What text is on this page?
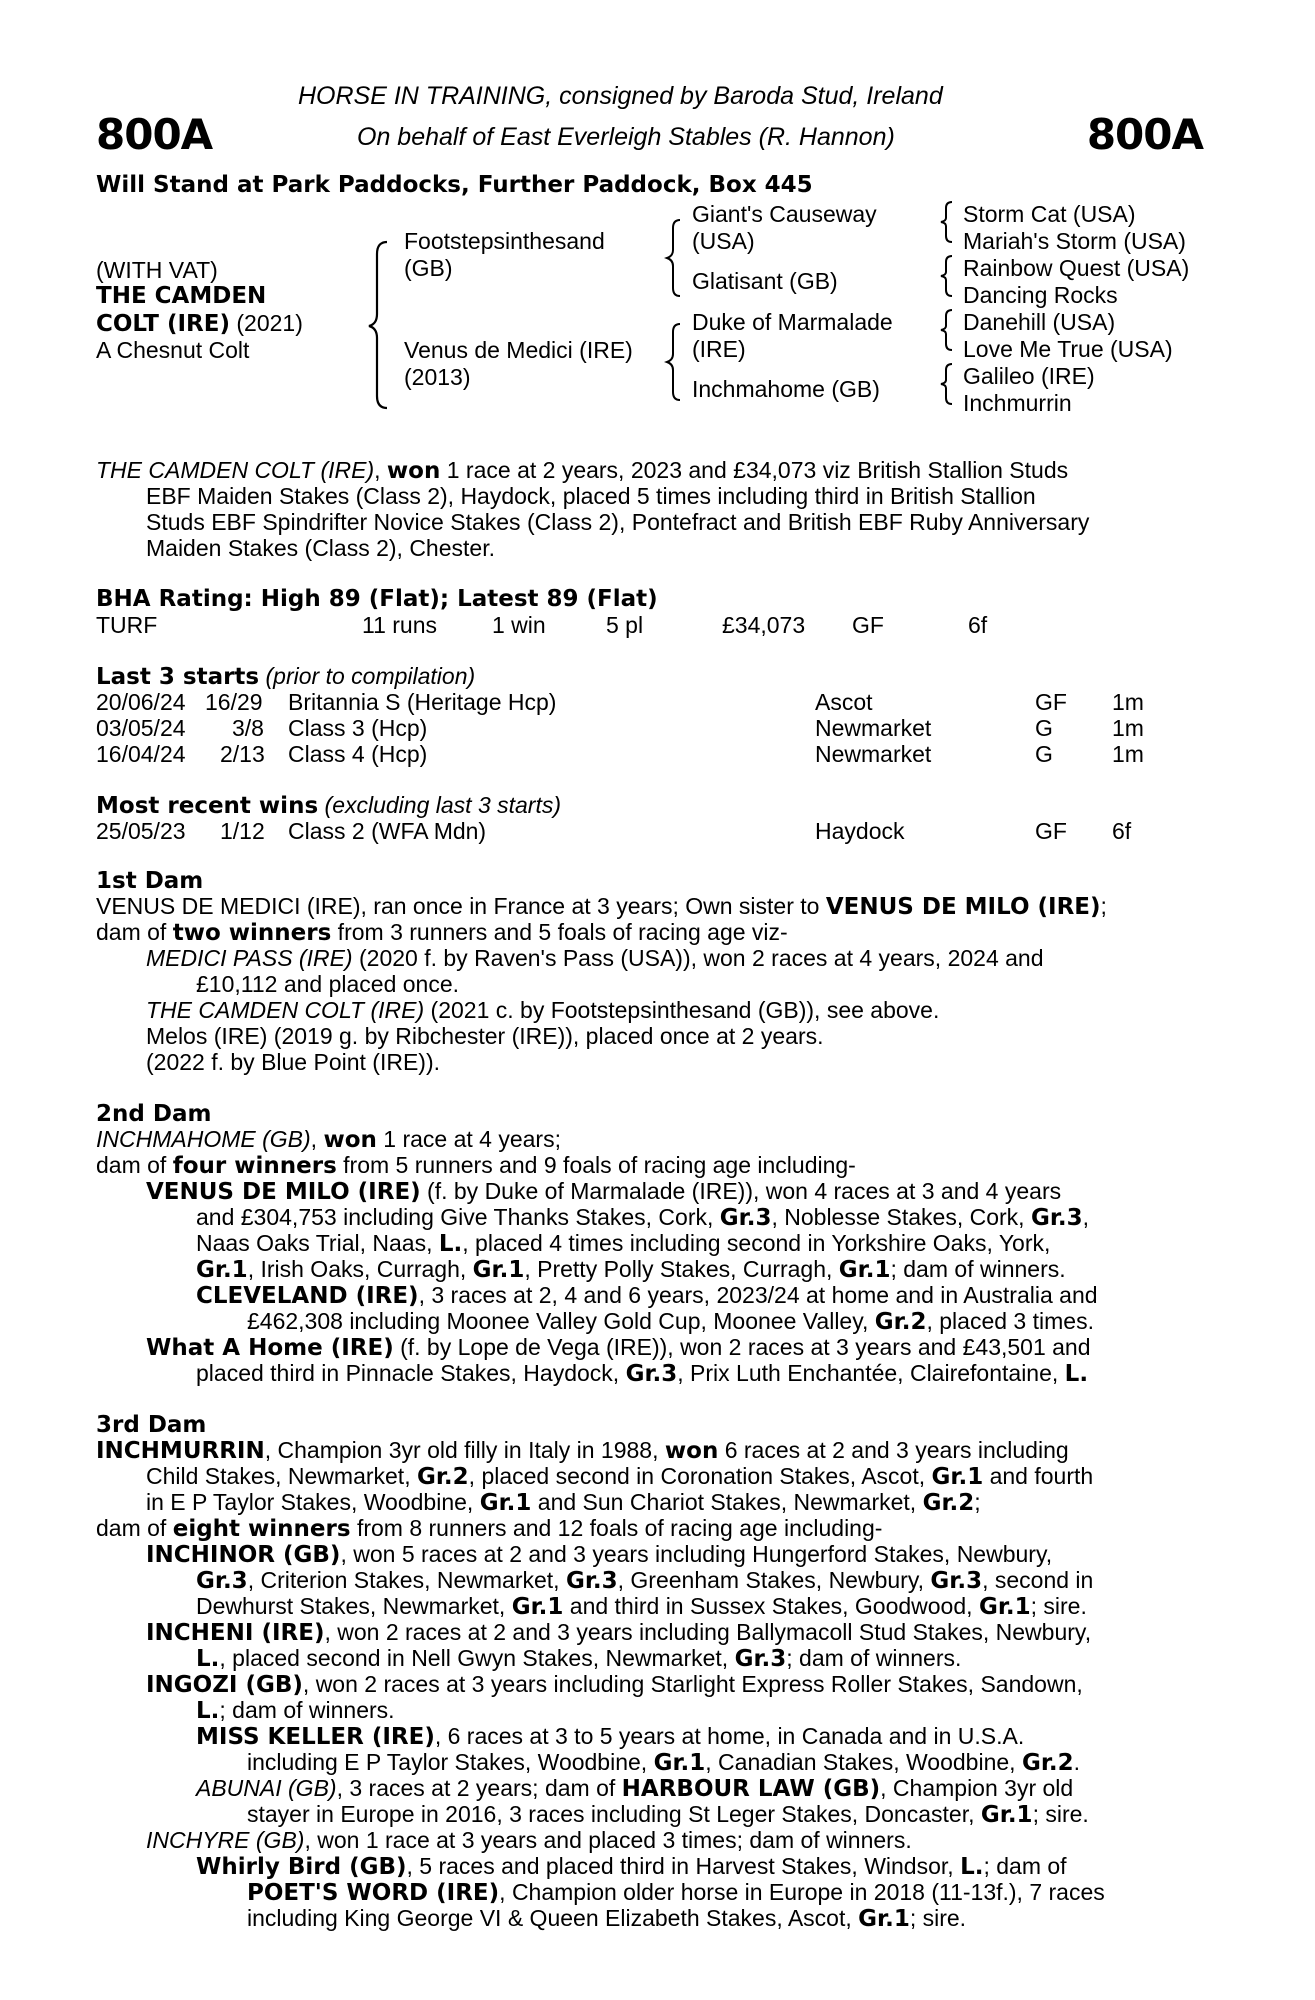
800A	800A
HORSE IN TRAINING, consigned by Baroda Stud, Ireland
On behalf of East Everleigh Stables (R. Hannon)
Will Stand at Park Paddocks, Further Paddock, Box 445
(WITH VAT)
THE CAMDEN
COLT (IRE) (2021)
A Chesnut Colt
Footstepsinthesand
(GB)
Venus de Medici (IRE)
(2013)
Giant's Causeway
(USA)
Glatisant (GB)
Duke of Marmalade
(IRE)
Inchmahome (GB)
Storm Cat (USA)
Mariah's Storm (USA)
Rainbow Quest (USA)
Dancing Rocks
Danehill (USA)
Love Me True (USA)
Galileo (IRE)
Inchmurrin
THE CAMDEN COLT (IRE), won 1 race at 2 years, 2023 and £34,073 viz British Stallion Studs
EBF Maiden Stakes (Class 2), Haydock, placed 5 times including third in British Stallion
Studs EBF Spindrifter Novice Stakes (Class 2), Pontefract and British EBF Ruby Anniversary
Maiden Stakes (Class 2), Chester.
BHA Rating: High 89 (Flat); Latest 89 (Flat)
TURF	11 runs 1 win	5 pl	£34,073 GF	6f
Last 3 starts (prior to compilation)
20/06/24 16/29 Britannia S (Heritage Hcp)	Ascot	GF 1m
03/05/24 3/8 Class 3 (Hcp)	Newmarket	G	1m
16/04/24 2/13 Class 4 (Hcp)	Newmarket	G	1m
Most recent wins (excluding last 3 starts)
25/05/23 1/12 Class 2 (WFA Mdn)	Haydock	GF 6f
1st Dam
VENUS DE MEDICI (IRE), ran once in France at 3 years; Own sister to VENUS DE MILO (IRE);
dam of two winners from 3 runners and 5 foals of racing age viz-
MEDICI PASS (IRE) (2020 f. by Raven's Pass (USA)), won 2 races at 4 years, 2024 and
£10,112 and placed once.
THE CAMDEN COLT (IRE) (2021 c. by Footstepsinthesand (GB)), see above.
Melos (IRE) (2019 g. by Ribchester (IRE)), placed once at 2 years.
(2022 f. by Blue Point (IRE)).
2nd Dam
INCHMAHOME (GB), won 1 race at 4 years;
dam of four winners from 5 runners and 9 foals of racing age including-
VENUS DE MILO (IRE) (f. by Duke of Marmalade (IRE)), won 4 races at 3 and 4 years
and £304,753 including Give Thanks Stakes, Cork, Gr.3, Noblesse Stakes, Cork, Gr.3,
Naas Oaks Trial, Naas, L., placed 4 times including second in Yorkshire Oaks, York,
Gr.1, Irish Oaks, Curragh, Gr.1, Pretty Polly Stakes, Curragh, Gr.1; dam of winners.
CLEVELAND (IRE), 3 races at 2, 4 and 6 years, 2023/24 at home and in Australia and
£462,308 including Moonee Valley Gold Cup, Moonee Valley, Gr.2, placed 3 times.
What A Home (IRE) (f. by Lope de Vega (IRE)), won 2 races at 3 years and £43,501 and
placed third in Pinnacle Stakes, Haydock, Gr.3, Prix Luth Enchantée, Clairefontaine, L.
3rd Dam
INCHMURRIN, Champion 3yr old filly in Italy in 1988, won 6 races at 2 and 3 years including
Child Stakes, Newmarket, Gr.2, placed second in Coronation Stakes, Ascot, Gr.1 and fourth
in E P Taylor Stakes, Woodbine, Gr.1 and Sun Chariot Stakes, Newmarket, Gr.2;
dam of eight winners from 8 runners and 12 foals of racing age including-
INCHINOR (GB), won 5 races at 2 and 3 years including Hungerford Stakes, Newbury,
Gr.3, Criterion Stakes, Newmarket, Gr.3, Greenham Stakes, Newbury, Gr.3, second in
Dewhurst Stakes, Newmarket, Gr.1 and third in Sussex Stakes, Goodwood, Gr.1; sire.
INCHENI (IRE), won 2 races at 2 and 3 years including Ballymacoll Stud Stakes, Newbury,
L., placed second in Nell Gwyn Stakes, Newmarket, Gr.3; dam of winners.
INGOZI (GB), won 2 races at 3 years including Starlight Express Roller Stakes, Sandown,
L.; dam of winners.
MISS KELLER (IRE), 6 races at 3 to 5 years at home, in Canada and in U.S.A.
including E P Taylor Stakes, Woodbine, Gr.1, Canadian Stakes, Woodbine, Gr.2.
ABUNAI (GB), 3 races at 2 years; dam of HARBOUR LAW (GB), Champion 3yr old
stayer in Europe in 2016, 3 races including St Leger Stakes, Doncaster, Gr.1; sire.
INCHYRE (GB), won 1 race at 3 years and placed 3 times; dam of winners.
Whirly Bird (GB), 5 races and placed third in Harvest Stakes, Windsor, L.; dam of
POET'S WORD (IRE), Champion older horse in Europe in 2018 (11-13f.), 7 races
including King George VI & Queen Elizabeth Stakes, Ascot, Gr.1; sire.
